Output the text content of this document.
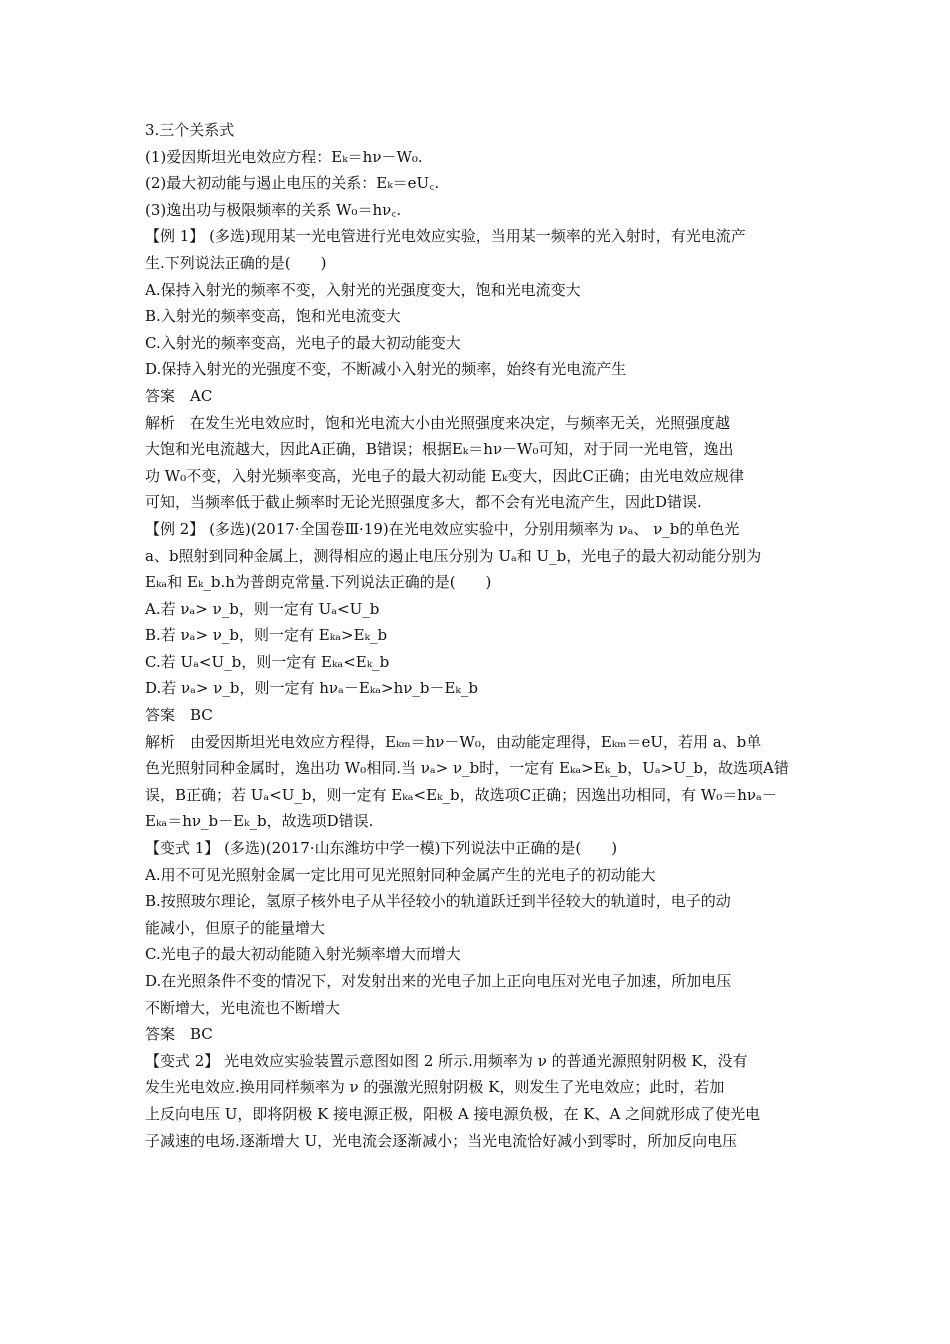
3.三个关系式
(1)爱因斯坦光电效应方程：Eₖ＝hν－W₀.
(2)最大初动能与遏止电压的关系：Eₖ＝eU꜀.
(3)逸出功与极限频率的关系 W₀＝hν꜀.
【例 1】 (多选)现用某一光电管进行光电效应实验，当用某一频率的光入射时，有光电流产
生.下列说法正确的是(　　)
A.保持入射光的频率不变，入射光的光强度变大，饱和光电流变大
B.入射光的频率变高，饱和光电流变大
C.入射光的频率变高，光电子的最大初动能变大
D.保持入射光的光强度不变，不断减小入射光的频率，始终有光电流产生
答案　AC
解析　在发生光电效应时，饱和光电流大小由光照强度来决定，与频率无关，光照强度越
大饱和光电流越大，因此A正确，B错误；根据Eₖ＝hν－W₀可知，对于同一光电管，逸出
功 W₀不变，入射光频率变高，光电子的最大初动能 Eₖ变大，因此C正确；由光电效应规律
可知，当频率低于截止频率时无论光照强度多大，都不会有光电流产生，因此D错误.
【例 2】 (多选)(2017·全国卷Ⅲ·19)在光电效应实验中，分别用频率为 νₐ、 ν_b的单色光
a、b照射到同种金属上，测得相应的遏止电压分别为 Uₐ和 U_b，光电子的最大初动能分别为
Eₖₐ和 Eₖ_b.h为普朗克常量.下列说法正确的是(　　)
A.若 νₐ> ν_b，则一定有 Uₐ<U_b
B.若 νₐ> ν_b，则一定有 Eₖₐ>Eₖ_b
C.若 Uₐ<U_b，则一定有 Eₖₐ<Eₖ_b
D.若 νₐ> ν_b，则一定有 hνₐ－Eₖₐ>hν_b－Eₖ_b
答案　BC
解析　由爱因斯坦光电效应方程得，Eₖₘ＝hν－W₀，由动能定理得，Eₖₘ＝eU，若用 a、b单
色光照射同种金属时，逸出功 W₀相同.当 νₐ> ν_b时，一定有 Eₖₐ>Eₖ_b，Uₐ>U_b，故选项A错
误，B正确；若 Uₐ<U_b，则一定有 Eₖₐ<Eₖ_b，故选项C正确；因逸出功相同，有 W₀＝hνₐ－
Eₖₐ＝hν_b－Eₖ_b，故选项D错误.
【变式 1】 (多选)(2017·山东潍坊中学一模)下列说法中正确的是(　　)
A.用不可见光照射金属一定比用可见光照射同种金属产生的光电子的初动能大
B.按照玻尔理论，氢原子核外电子从半径较小的轨道跃迁到半径较大的轨道时，电子的动
能减小，但原子的能量增大
C.光电子的最大初动能随入射光频率增大而增大
D.在光照条件不变的情况下，对发射出来的光电子加上正向电压对光电子加速，所加电压
不断增大，光电流也不断增大
答案　BC
【变式 2】 光电效应实验装置示意图如图 2 所示.用频率为 ν 的普通光源照射阴极 K，没有
发生光电效应.换用同样频率为 ν 的强激光照射阴极 K，则发生了光电效应；此时，若加
上反向电压 U，即将阴极 K 接电源正极，阳极 A 接电源负极，在 K、A 之间就形成了使光电
子减速的电场.逐渐增大 U，光电流会逐渐减小；当光电流恰好减小到零时，所加反向电压
